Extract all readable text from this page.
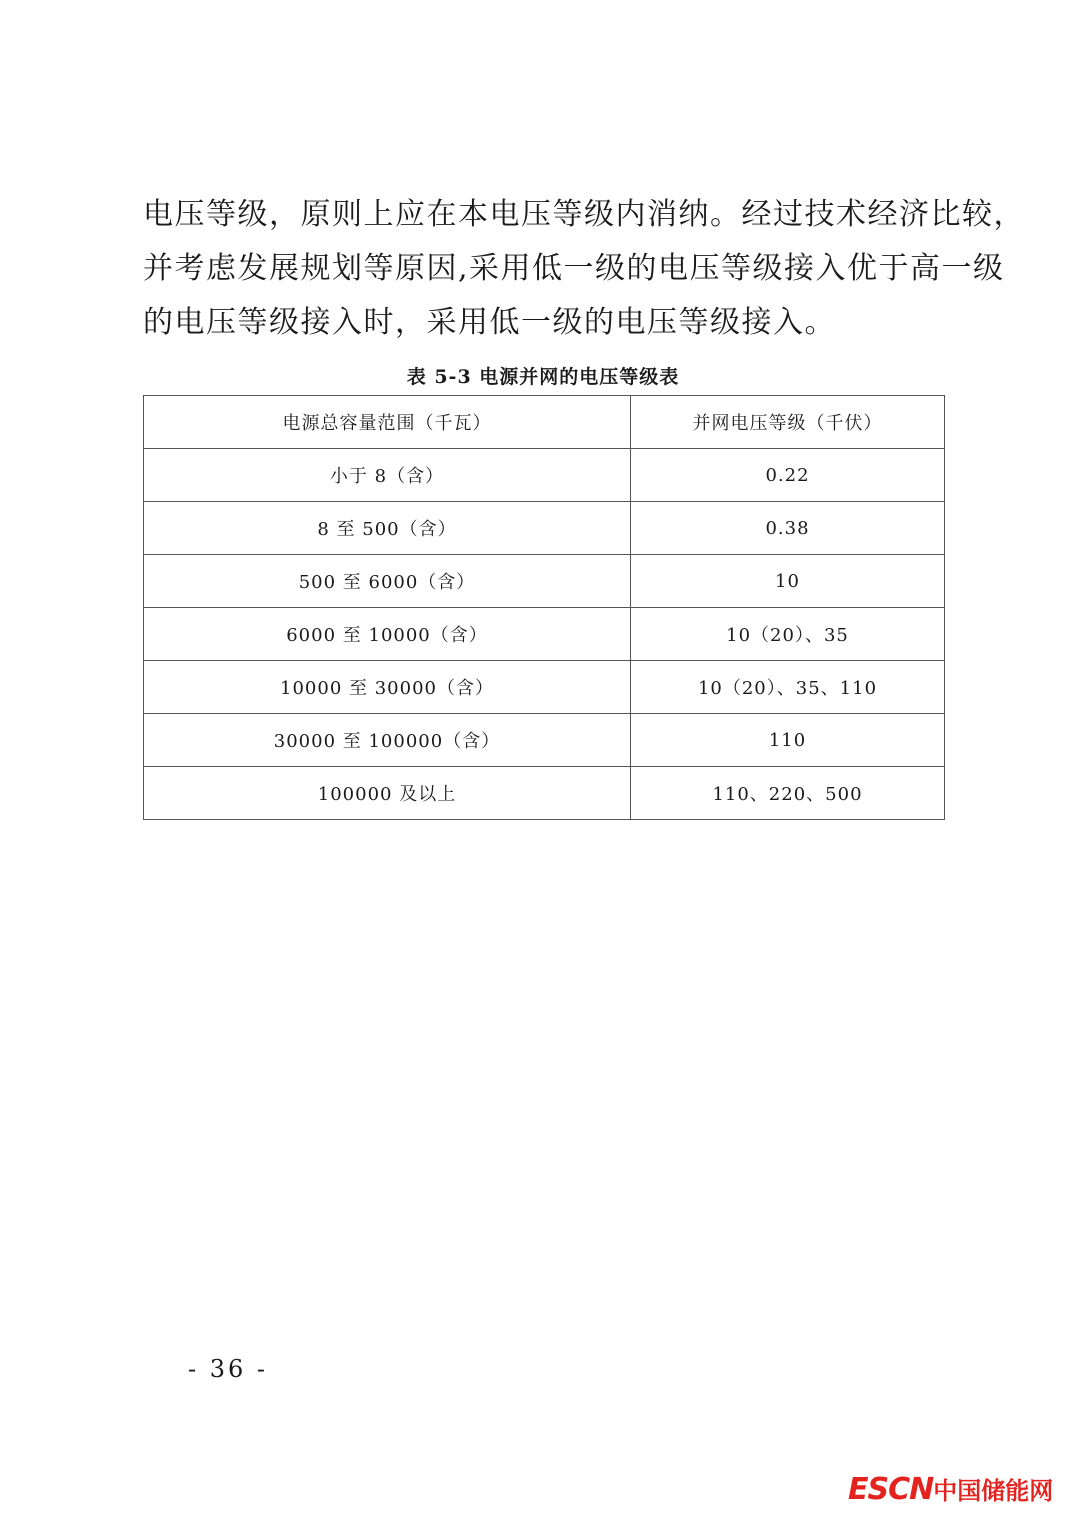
电压等级，原则上应在本电压等级内消纳。经过技术经济比较，
并考虑发展规划等原因,采用低一级的电压等级接入优于高一级
的电压等级接入时，采用低一级的电压等级接入。
表 5-3 电源并网的电压等级表
电源总容量范围（千瓦）	并网电压等级（千伏）
小于 8（含）	0.22
8 至 500（含）	0.38
500 至 6000（含）	10
6000 至 10000（含）	10（20）、35
10000 至 30000（含）	10（20）、35、110
30000 至 100000（含）	110
100000 及以上	110、220、500
- 36 -
ESCN中国储能网
